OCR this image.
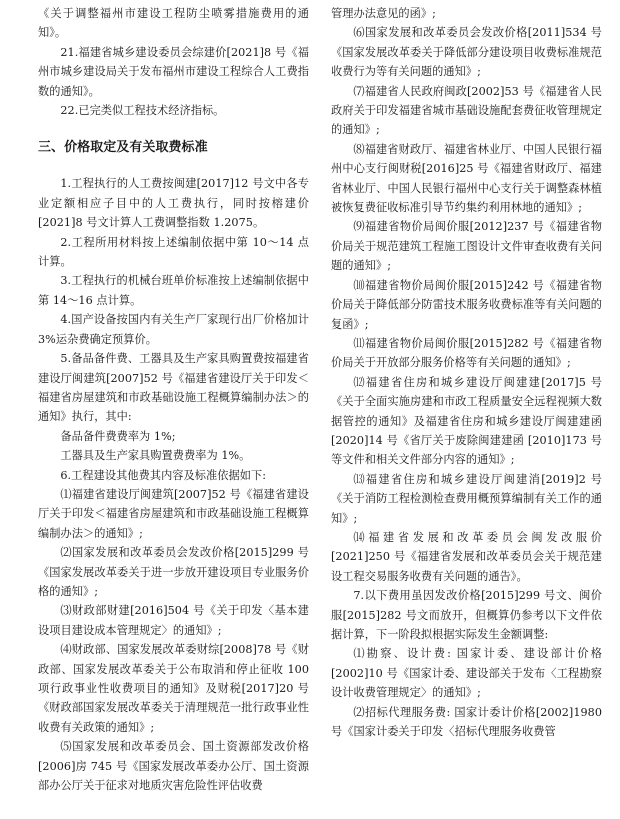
《关于调整福州市建设工程防尘喷雾措施费用的通知》。

21.福建省城乡建设委员会综建价[2021]8 号《福州市城乡建设局关于发布福州市建设工程综合人工费指数的通知》。

22.已完类似工程技术经济指标。

三、价格取定及有关取费标准

1.工程执行的人工费按闽建[2017]12 号文中各专业定额相应子目中的人工费执行，同时按榕建价[2021]8 号文计算人工费调整指数 1.2075。

2.工程所用材料按上述编制依据中第 10～14 点计算。

3.工程执行的机械台班单价标准按上述编制依据中第 14～16 点计算。

4.国产设备按国内有关生产厂家现行出厂价格加计 3%运杂费确定预算价。

5.备品备件费、工器具及生产家具购置费按福建省建设厅闽建筑[2007]52 号《福建省建设厅关于印发＜福建省房屋建筑和市政基础设施工程概算编制办法＞的通知》执行，其中:

备品备件费费率为 1%;

工器具及生产家具购置费费率为 1%。

6.工程建设其他费其内容及标准依据如下:

⑴福建省建设厅闽建筑[2007]52 号《福建省建设厅关于印发＜福建省房屋建筑和市政基础设施工程概算编制办法＞的通知》;

⑵国家发展和改革委员会发改价格[2015]299 号《国家发展改革委关于进一步放开建设项目专业服务价格的通知》;

⑶财政部财建[2016]504 号《关于印发〈基本建设项目建设成本管理规定〉的通知》;

⑷财政部、国家发展改革委财综[2008]78 号《财政部、国家发展改革委关于公布取消和停止征收 100 项行政事业性收费项目的通知》及财税[2017]20 号《财政部国家发展改革委关于清理规范一批行政事业性收费有关政策的通知》;

⑸国家发展和改革委员会、国土资源部发改价格[2006]房 745 号《国家发展改革委办公厅、国土资源部办公厅关于征求对地质灾害危险性评估收费

管理办法意见的函》;

⑹国家发展和改革委员会发改价格[2011]534 号《国家发展改革委关于降低部分建设项目收费标准规范收费行为等有关问题的通知》;

⑺福建省人民政府闽政[2002]53 号《福建省人民政府关于印发福建省城市基础设施配套费征收管理规定的通知》;

⑻福建省财政厅、福建省林业厅、中国人民银行福州中心支行闽财税[2016]25 号《福建省财政厅、福建省林业厅、中国人民银行福州中心支行关于调整森林植被恢复费征收标准引导节约集约利用林地的通知》;

⑼福建省物价局闽价服[2012]237 号《福建省物价局关于规范建筑工程施工图设计文件审查收费有关问题的通知》;

⑽福建省物价局闽价服[2015]242 号《福建省物价局关于降低部分防雷技术服务收费标准等有关问题的复函》;

⑾福建省物价局闽价服[2015]282 号《福建省物价局关于开放部分服务价格等有关问题的通知》;

⑿福建省住房和城乡建设厅闽建建[2017]5 号《关于全面实施房建和市政工程质量安全远程视频大数据管控的通知》及福建省住房和城乡建设厅闽建建函[2020]14 号《省厅关于废除闽建建函 [2010]173 号等文件和相关文件部分内容的通知》;

⒀福建省住房和城乡建设厅闽建消[2019]2 号《关于消防工程检测检查费用概预算编制有关工作的通知》;

⒁福建省发展和改革委员会闽发改服价[2021]250 号《福建省发展和改革委员会关于规范建设工程交易服务收费有关问题的通告》。

7.以下费用虽因发改价格[2015]299 号文、闽价服[2015]282 号文而放开，但概算仍参考以下文件依据计算，下一阶段拟根据实际发生金额调整:

⑴勘察、设计费: 国家计委、建设部计价格[2002]10 号《国家计委、建设部关于发布〈工程勘察设计收费管理规定〉的通知》;

⑵招标代理服务费: 国家计委计价格[2002]1980 号《国家计委关于印发〈招标代理服务收费管
